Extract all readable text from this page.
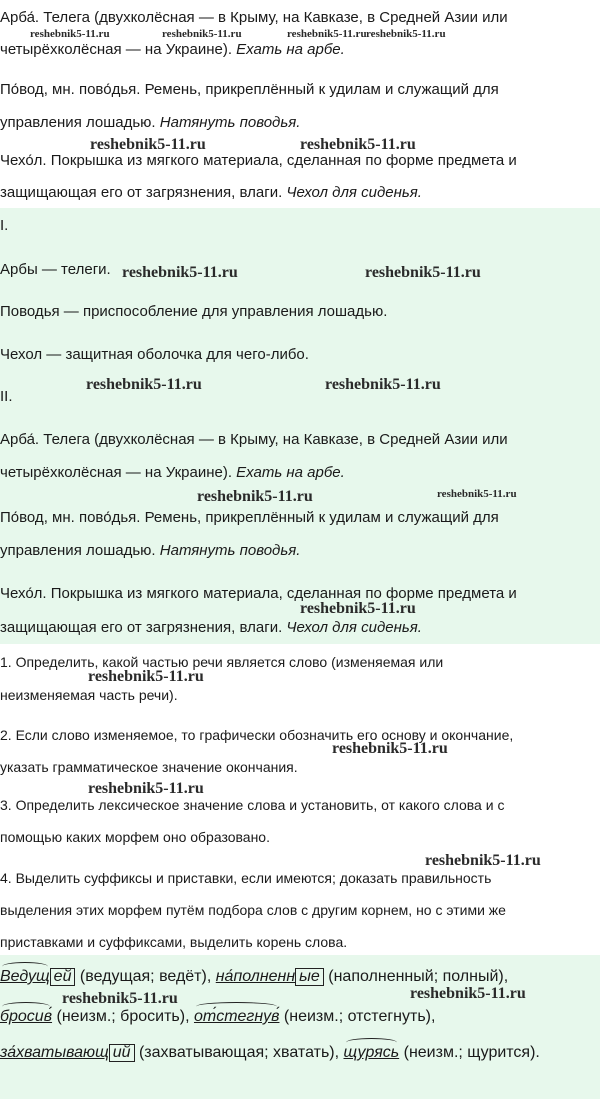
Арба́. Телега (двухколёсная — в Крыму, на Кавказе, в Средней Азии или
четырёхколёсная — на Украине). Ехать на арбе.
По́вод, мн. пово́дья. Ремень, прикреплённый к удилам и служащий для
управления лошадью. Натянуть поводья.
Чехо́л. Покрышка из мягкого материала, сделанная по форме предмета и
защищающая его от загрязнения, влаги. Чехол для сиденья.
I.
Арбы — телеги.
Поводья — приспособление для управления лошадью.
Чехол — защитная оболочка для чего-либо.
II.
Арба́. Телега (двухколёсная — в Крыму, на Кавказе, в Средней Азии или
четырёхколёсная — на Украине). Ехать на арбе.
По́вод, мн. пово́дья. Ремень, прикреплённый к удилам и служащий для
управления лошадью. Натянуть поводья.
Чехо́л. Покрышка из мягкого материала, сделанная по форме предмета и
защищающая его от загрязнения, влаги. Чехол для сиденья.
1. Определить, какой частью речи является слово (изменяемая или
неизменяемая часть речи).
2. Если слово изменяемое, то графически обозначить его основу и окончание,
указать грамматическое значение окончания.
3. Определить лексическое значение слова и установить, от какого слова и с
помощью каких морфем оно образовано.
4. Выделить суффиксы и приставки, если имеются; доказать правильность
выделения этих морфем путём подбора слов с другим корнем, но с этими же
приставками и суффиксами, выделить корень слова.
Ведущ ей (ведущая; ведёт), на́полненн ые (наполненный; полный),
бросив́ (неизм.; бросить), от́стегнув́ (неизм.; отстегнуть),
за́хватывающ ий (захватывающая; хватать), щурясь (неизм.; щурится).
reshebnik5-11.ru	reshebnik5-11.ru	reshebnik5-11.ru reshebnik5-11.ru
reshebnik5-11.ru	reshebnik5-11.ru
reshebnik5-11.ru	reshebnik5-11.ru
reshebnik5-11.ru	reshebnik5-11.ru
reshebnik5-11.ru	reshebnik5-11.ru
reshebnik5-11.ru
reshebnik5-11.ru
reshebnik5-11.ru
reshebnik5-11.ru
reshebnik5-11.ru
reshebnik5-11.ru	reshebnik5-11.ru
